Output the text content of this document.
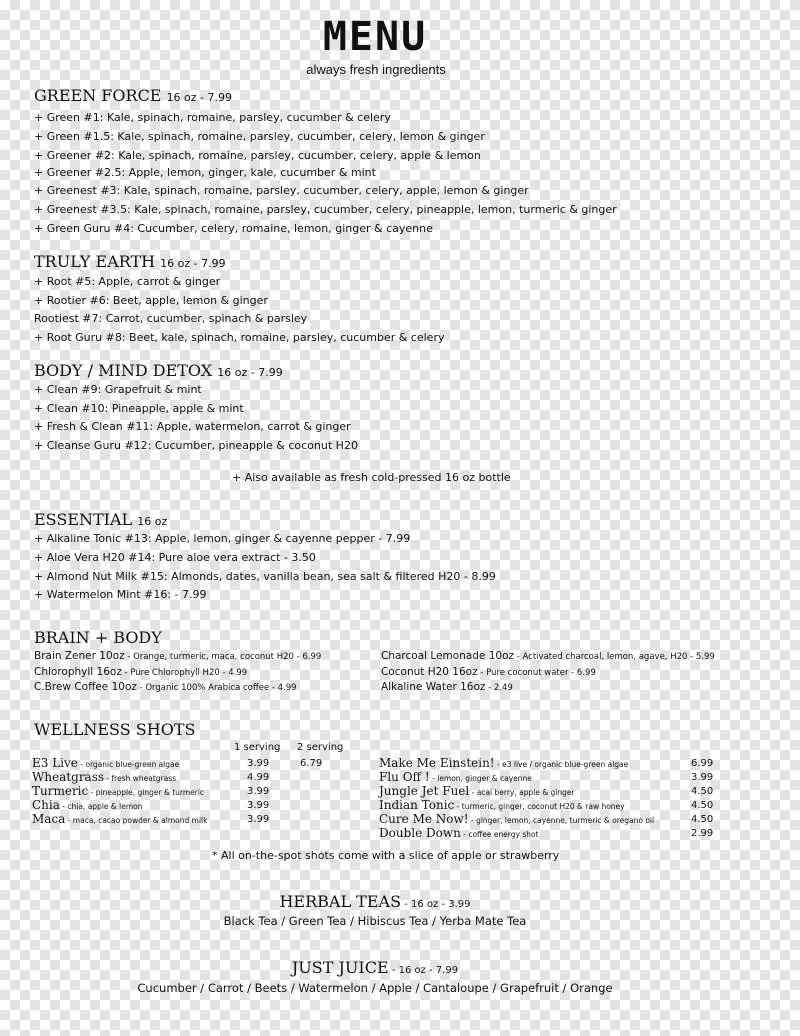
MENU
always fresh ingredients
GREEN FORCE 16 oz - 7.99
+ Green #1: Kale, spinach, romaine, parsley, cucumber & celery
+ Green #1.5: Kale, spinach, romaine, parsley, cucumber, celery, lemon & ginger
+ Greener #2: Kale, spinach, romaine, parsley, cucumber, celery, apple & lemon
+ Greener #2.5: Apple, lemon, ginger, kale, cucumber & mint
+ Greenest #3: Kale, spinach, romaine, parsley, cucumber, celery, apple, lemon & ginger
+ Greenest #3.5: Kale, spinach, romaine, parsley, cucumber, celery, pineapple, lemon, turmeric & ginger
+ Green Guru #4: Cucumber, celery, romaine, lemon, ginger & cayenne
TRULY EARTH 16 oz - 7.99
+ Root #5: Apple, carrot & ginger
+ Rootier #6: Beet, apple, lemon & ginger
Rootiest #7: Carrot, cucumber, spinach & parsley
+ Root Guru #8: Beet, kale, spinach, romaine, parsley, cucumber & celery
BODY / MIND DETOX 16 oz - 7.99
+ Clean #9: Grapefruit & mint
+ Clean #10: Pineapple, apple & mint
+ Fresh & Clean #11: Apple, watermelon, carrot & ginger
+ Cleanse Guru #12: Cucumber, pineapple & coconut H20
+ Also available as fresh cold-pressed 16 oz bottle
ESSENTIAL 16 oz
+ Alkaline Tonic #13: Apple, lemon, ginger & cayenne pepper - 7.99
+ Aloe Vera H20 #14: Pure aloe vera extract - 3.50
+ Almond Nut Milk #15: Almonds, dates, vanilla bean, sea salt & filtered H20 - 8.99
+ Watermelon Mint #16: - 7.99
BRAIN + BODY
Brain Zener 10oz - Orange, turmeric, maca, coconut H20 - 6.99
Chlorophyll 16oz - Pure Chlorophyll H20 - 4.99
C.Brew Coffee 10oz - Organic 100% Arabica coffee - 4.99
Charcoal Lemonade 10oz - Activated charcoal, lemon, agave, H20 - 5.99
Coconut H20 16oz - Pure coconut water - 6.99
Alkaline Water 16oz - 2.49
WELLNESS SHOTS
1 serving 2 serving
E3 Live - organic blue-green algae	3.99	6.79
Wheatgrass - fresh wheatgrass	4.99
Turmeric - pineapple, ginger & turmeric	3.99
Chia - chia, apple & lemon	3.99
Maca - maca, cacao powder & almond milk	3.99
Make Me Einstein! - e3 live / organic blue-green algae	6.99
Flu Off ! - lemon, ginger & cayenne	3.99
Jungle Jet Fuel - acai berry, apple & ginger	4.50
Indian Tonic - turmeric, ginger, coconut H20 & raw honey	4.50
Cure Me Now! - ginger, lemon, cayenne, turmeric & oregano oil	4.50
Double Down - coffee energy shot	2.99
* All on-the-spot shots come with a slice of apple or strawberry
HERBAL TEAS - 16 oz - 3.99
Black Tea / Green Tea / Hibiscus Tea / Yerba Mate Tea
JUST JUICE - 16 oz - 7.99
Cucumber / Carrot / Beets / Watermelon / Apple / Cantaloupe / Grapefruit / Orange
